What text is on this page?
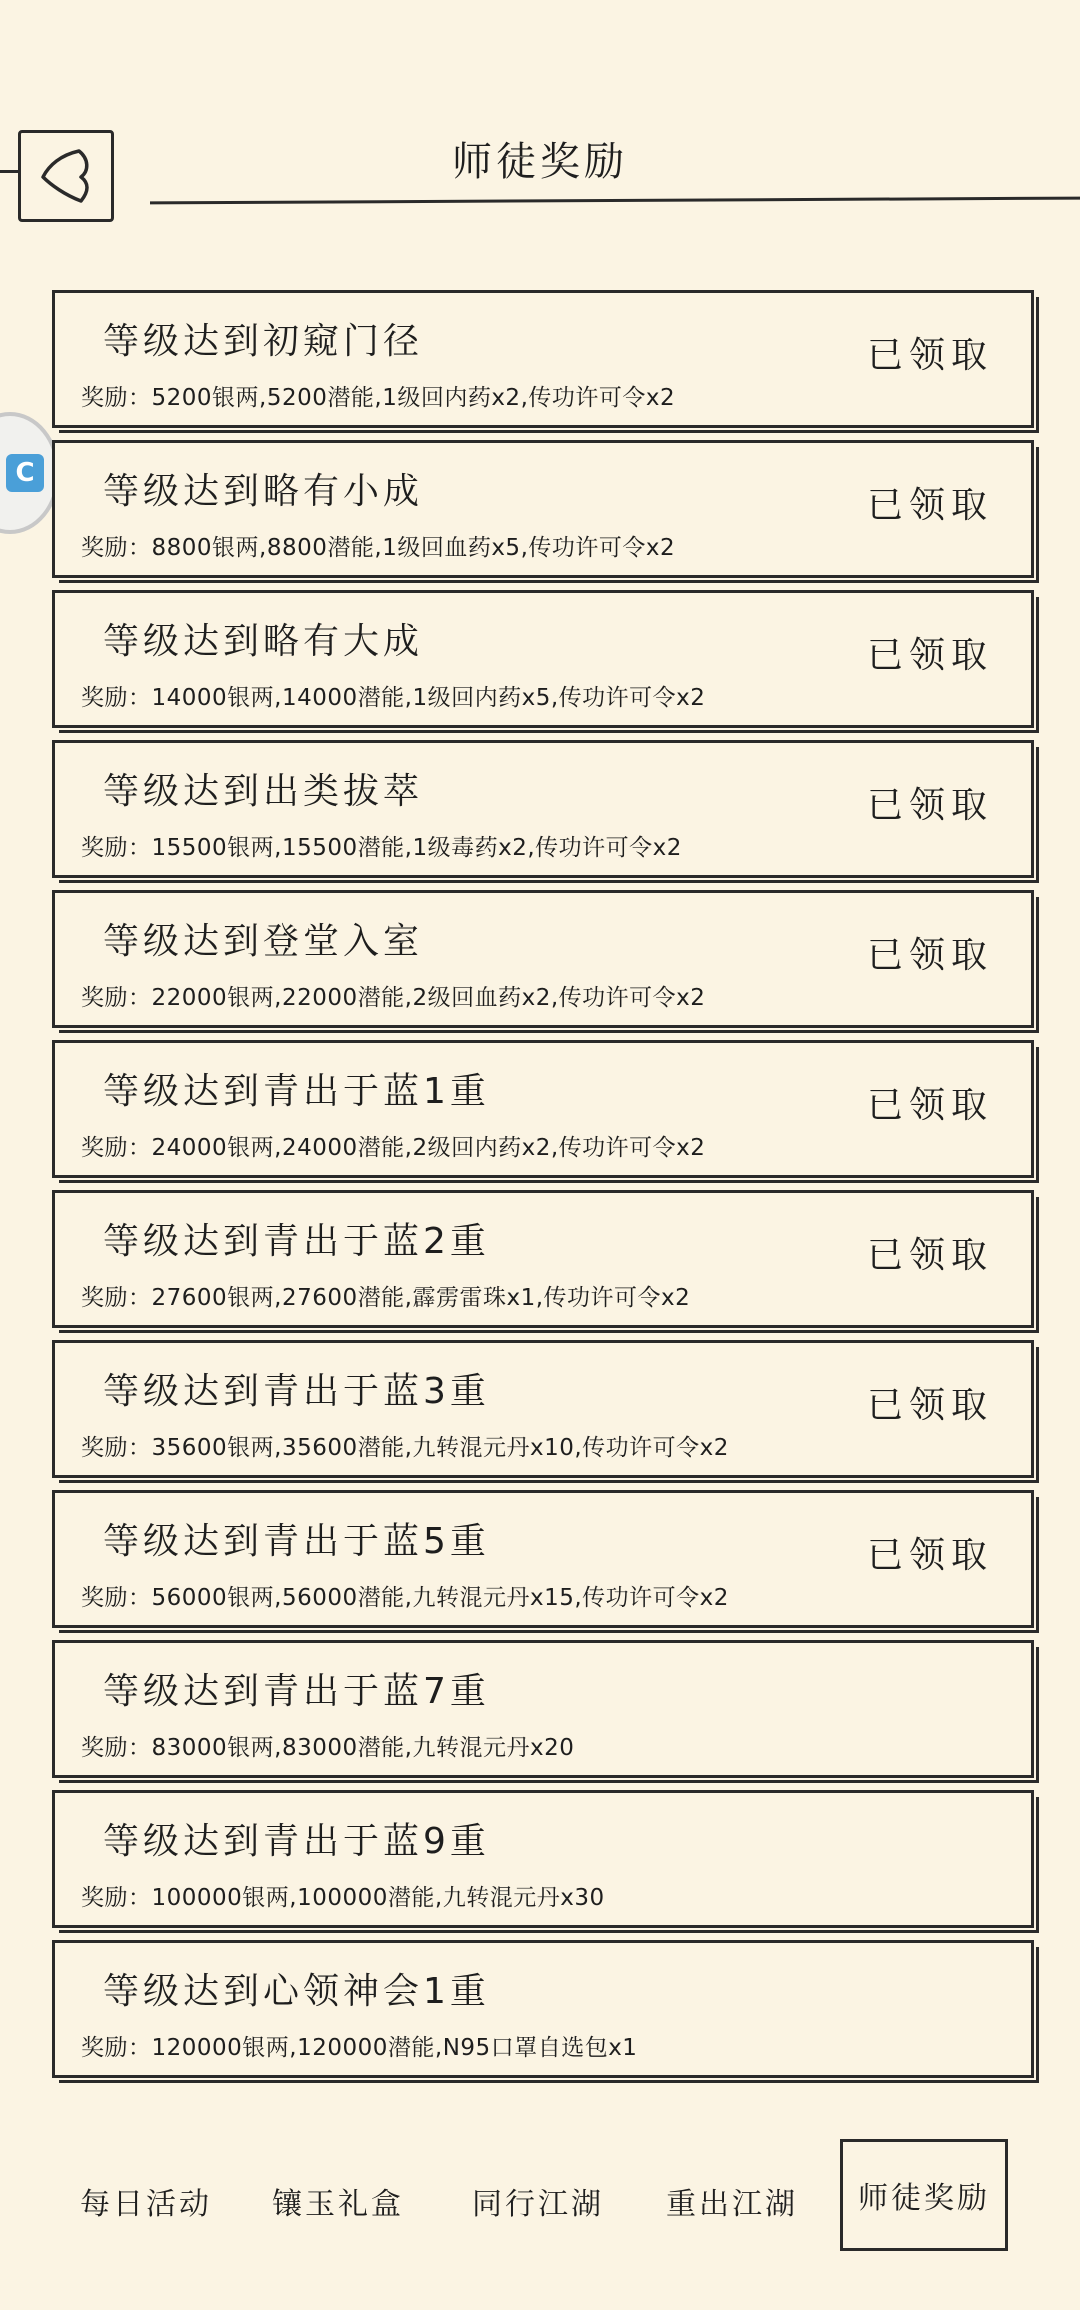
师徒奖励
C
等级达到初窥门径
奖励：5200银两,5200潜能,1级回内药x2,传功许可令x2
已领取
等级达到略有小成
奖励：8800银两,8800潜能,1级回血药x5,传功许可令x2
已领取
等级达到略有大成
奖励：14000银两,14000潜能,1级回内药x5,传功许可令x2
已领取
等级达到出类拔萃
奖励：15500银两,15500潜能,1级毒药x2,传功许可令x2
已领取
等级达到登堂入室
奖励：22000银两,22000潜能,2级回血药x2,传功许可令x2
已领取
等级达到青出于蓝1重
奖励：24000银两,24000潜能,2级回内药x2,传功许可令x2
已领取
等级达到青出于蓝2重
奖励：27600银两,27600潜能,霹雳雷珠x1,传功许可令x2
已领取
等级达到青出于蓝3重
奖励：35600银两,35600潜能,九转混元丹x10,传功许可令x2
已领取
等级达到青出于蓝5重
奖励：56000银两,56000潜能,九转混元丹x15,传功许可令x2
已领取
等级达到青出于蓝7重
奖励：83000银两,83000潜能,九转混元丹x20
等级达到青出于蓝9重
奖励：100000银两,100000潜能,九转混元丹x30
等级达到心领神会1重
奖励：120000银两,120000潜能,N95口罩自选包x1
每日活动 镶玉礼盒 同行江湖 重出江湖	师徒奖励
